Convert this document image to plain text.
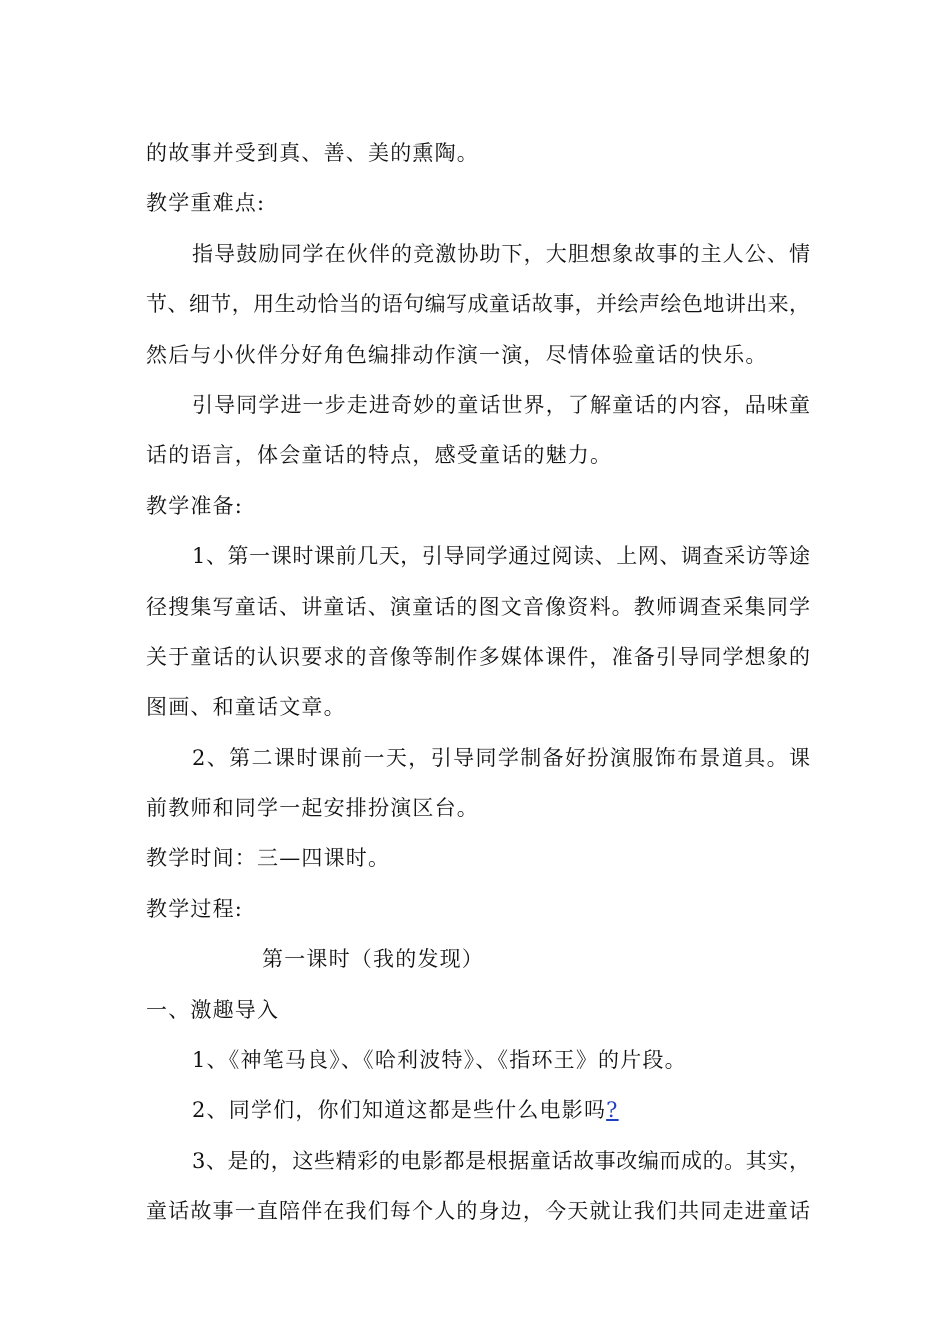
的故事并受到真、善、美的熏陶。
教学重难点:
指导鼓励同学在伙伴的竞激协助下，大胆想象故事的主人公、情
节、细节，用生动恰当的语句编写成童话故事，并绘声绘色地讲出来，
然后与小伙伴分好角色编排动作演一演，尽情体验童话的快乐。
引导同学进一步走进奇妙的童话世界，了解童话的内容，品味童
话的语言，体会童话的特点，感受童话的魅力。
教学准备:
1、第一课时课前几天，引导同学通过阅读、上网、调查采访等途
径搜集写童话、讲童话、演童话的图文音像资料。教师调查采集同学
关于童话的认识要求的音像等制作多媒体课件，准备引导同学想象的
图画、和童话文章。
2、第二课时课前一天，引导同学制备好扮演服饰布景道具。课
前教师和同学一起安排扮演区台。
教学时间：三—四课时。
教学过程:
第一课时（我的发现）
一、激趣导入
1、《神笔马良》、《哈利波特》、《指环王》的片段。
2、同学们，你们知道这都是些什么电影吗?
3、是的，这些精彩的电影都是根据童话故事改编而成的。其实，
童话故事一直陪伴在我们每个人的身边，今天就让我们共同走进童话
